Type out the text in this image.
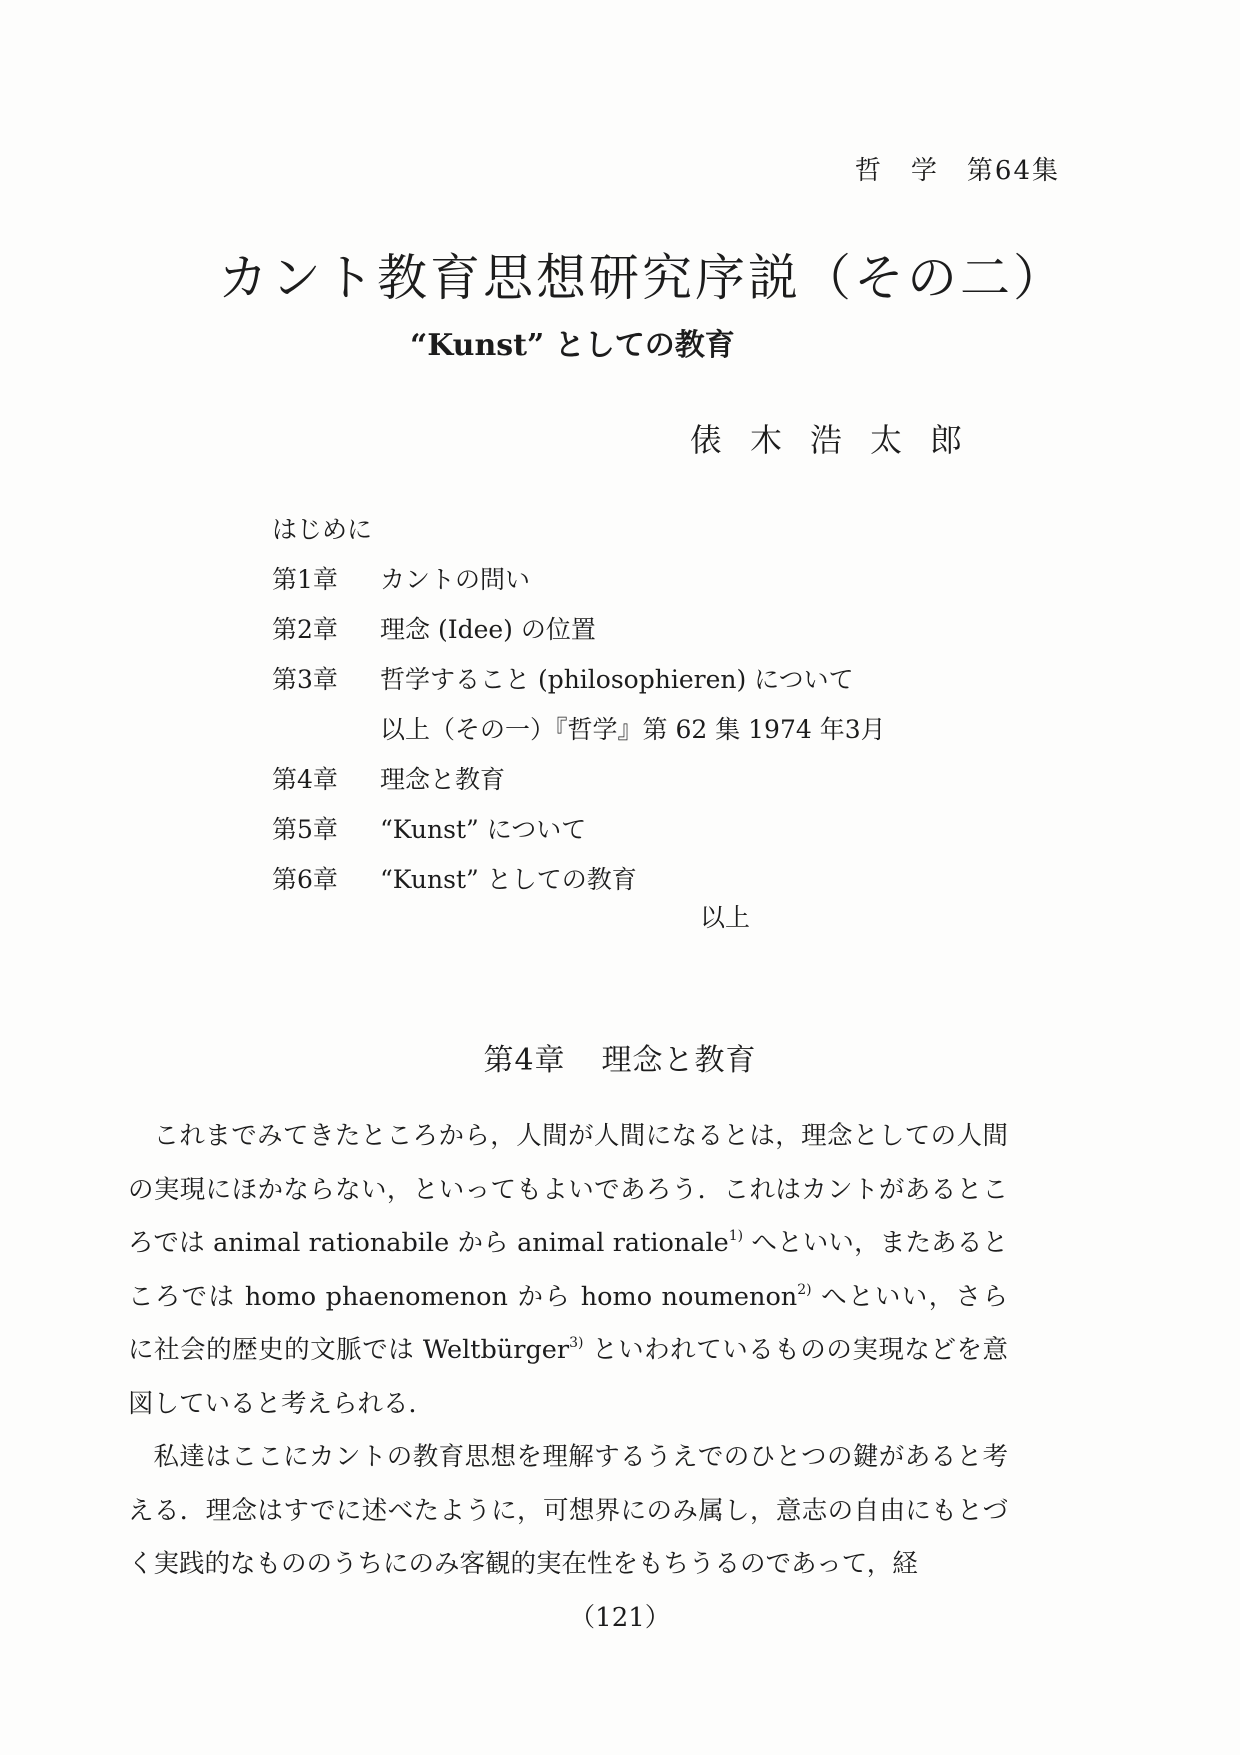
哲　学 第64集
カント教育思想研究序説（その二）
“Kunst” としての教育
俵木浩太郎
はじめに
第1章 カントの問い
第2章 理念 (Idee) の位置
第3章 哲学すること (philosophieren) について
以上（その一）『哲学』第 62 集 1974 年3月
第4章 理念と教育
第5章 “Kunst” について
第6章 “Kunst” としての教育
以上
第4章 理念と教育

これまでみてきたところから，人間が人間になるとは，理念としての人間の実現にほかならない，といってもよいであろう．これはカントがあるところでは animal rationabile から animal rationale$^{1)}$ へといい，またあるところでは homo phaenomenon から homo noumenon$^{2)}$ へといい，さらに社会的歴史的文脈では Weltbürger$^{3)}$ といわれているものの実現などを意図していると考えられる．

私達はここにカントの教育思想を理解するうえでのひとつの鍵があると考える．理念はすでに述べたように，可想界にのみ属し，意志の自由にもとづく実践的なもののうちにのみ客観的実在性をもちうるのであって，経

（121）
